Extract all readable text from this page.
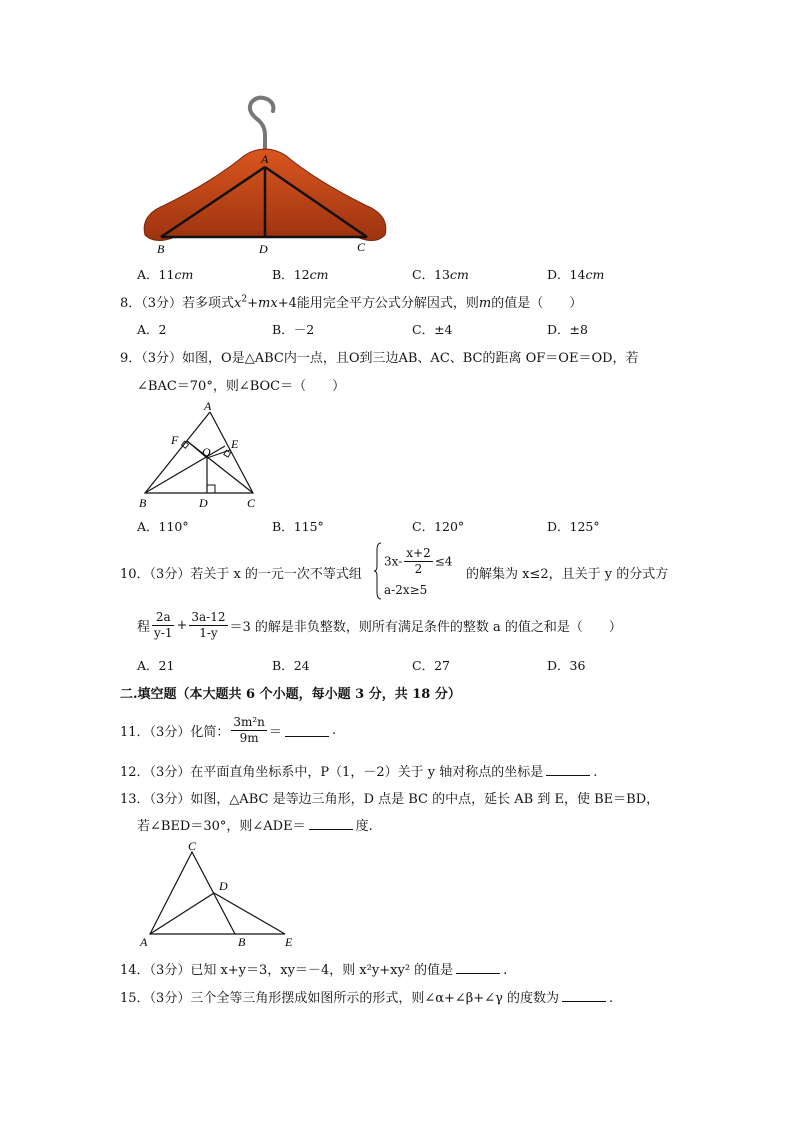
A
B	D	C
A．11cm	B．12cm	C．13cm	D．14cm
8．（3分）若多项式$x^2+mx+4$能用完全平方公式分解因式，则m的值是（　　）
A．2	B．－2	C．±4	D．±8
9．（3分）如图，O是△ABC内一点，且O到三边AB、AC、BC的距离 OF＝OE＝OD，若
∠BAC＝70°，则∠BOC＝（　　）
A
F
O
E
B	D	C
A．110°	B．115°	C．120°	D．125°
10．（3分）若关于 x 的一元一次不等式组
$3x- \frac{x+2}{2} \le 4$
a-2x≥5
的解集为 x≤2，且关于 y 的分式方
程 $\frac{2a}{y-1} + \frac{3a-12}{1-y} =3$ 的解是非负整数，则所有满足条件的整数 a 的值之和是（　　）
A．21	B．24	C．27	D．36
二.填空题（本大题共 6 个小题，每小题 3 分，共 18 分）
11．（3分）化简： $\frac{\text{3m²n}}{9m}$ ＝	.
12．（3分）在平面直角坐标系中，P（1，－2）关于 y 轴对称点的坐标是	.
13．（3分）如图，△ABC 是等边三角形，D 点是 BC 的中点，延长 AB 到 E，使 BE＝BD，
若∠BED＝30°，则∠ADE＝	度.
C
D
A	B	E
14．（3分）已知 x+y＝3，xy＝－4，则 x²y+xy² 的值是	.
15．（3分）三个全等三角形摆成如图所示的形式，则∠α+∠β+∠γ 的度数为	.
